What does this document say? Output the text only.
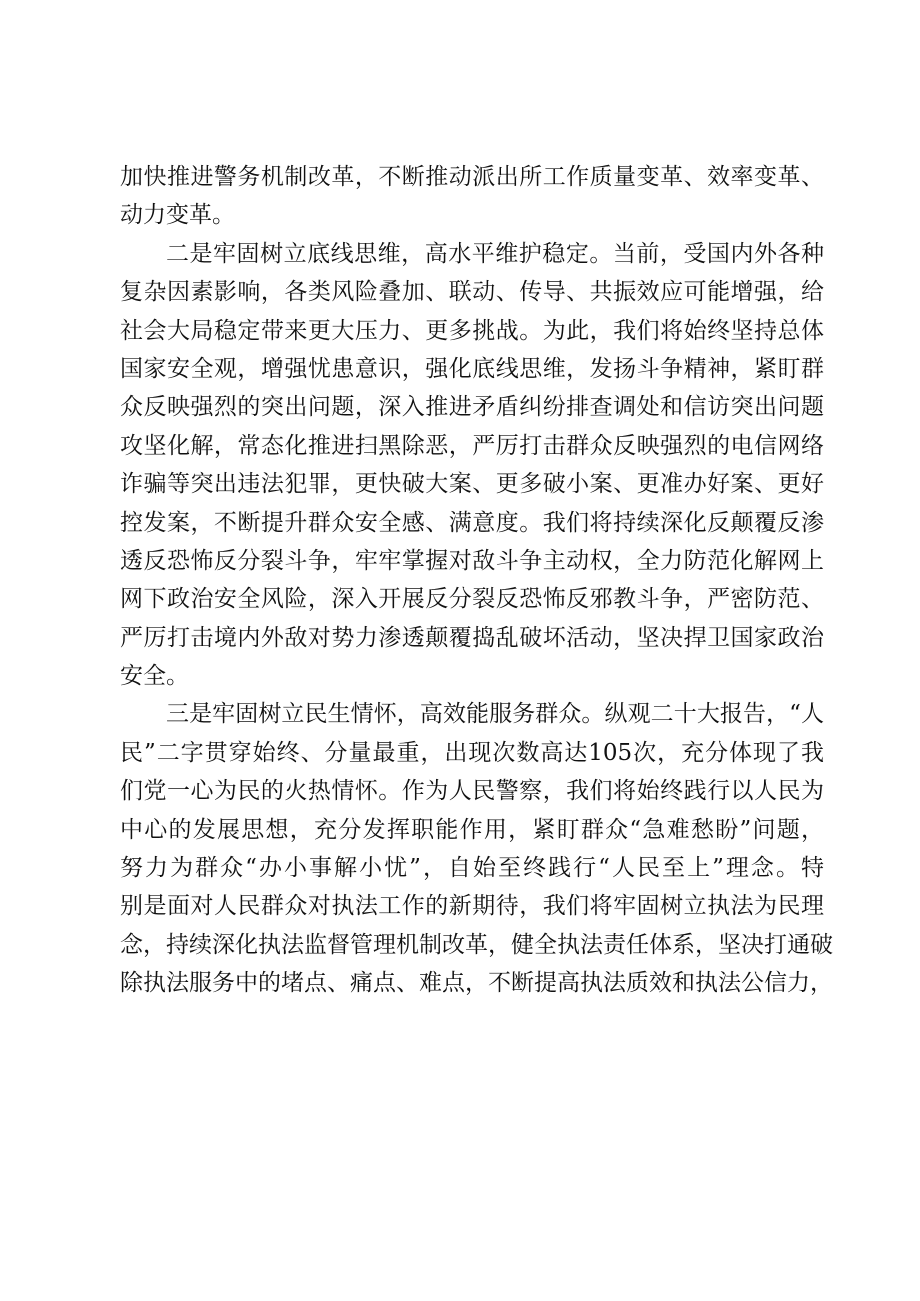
加快推进警务机制改革，不断推动派出所工作质量变革、效率变革、
动力变革。
二是牢固树立底线思维，高水平维护稳定。当前，受国内外各种
复杂因素影响，各类风险叠加、联动、传导、共振效应可能增强，给
社会大局稳定带来更大压力、更多挑战。为此，我们将始终坚持总体
国家安全观，增强忧患意识，强化底线思维，发扬斗争精神，紧盯群
众反映强烈的突出问题，深入推进矛盾纠纷排查调处和信访突出问题
攻坚化解，常态化推进扫黑除恶，严厉打击群众反映强烈的电信网络
诈骗等突出违法犯罪，更快破大案、更多破小案、更准办好案、更好
控发案，不断提升群众安全感、满意度。我们将持续深化反颠覆反渗
透反恐怖反分裂斗争，牢牢掌握对敌斗争主动权，全力防范化解网上
网下政治安全风险，深入开展反分裂反恐怖反邪教斗争，严密防范、
严厉打击境内外敌对势力渗透颠覆捣乱破坏活动，坚决捍卫国家政治
安全。
三是牢固树立民生情怀，高效能服务群众。纵观二十大报告，“人
民”二字贯穿始终、分量最重，出现次数高达105次，充分体现了我
们党一心为民的火热情怀。作为人民警察，我们将始终践行以人民为
中心的发展思想，充分发挥职能作用，紧盯群众“急难愁盼”问题，
努力为群众“办小事解小忧”，自始至终践行“人民至上”理念。特
别是面对人民群众对执法工作的新期待，我们将牢固树立执法为民理
念，持续深化执法监督管理机制改革，健全执法责任体系，坚决打通破
除执法服务中的堵点、痛点、难点，不断提高执法质效和执法公信力，
